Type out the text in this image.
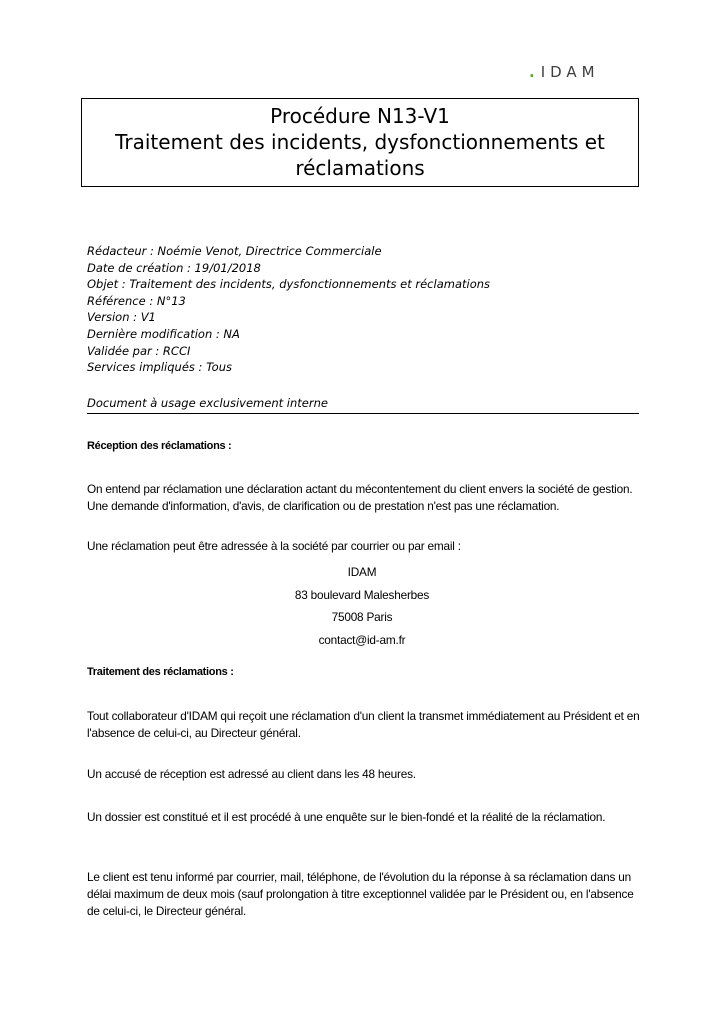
.IDAM
Procédure N13-V1
Traitement des incidents, dysfonctionnements et
réclamations
Rédacteur : Noémie Venot, Directrice Commerciale
Date de création : 19/01/2018
Objet : Traitement des incidents, dysfonctionnements et réclamations
Référence : N°13
Version : V1
Dernière modification : NA
Validée par : RCCI
Services impliqués : Tous
Document à usage exclusivement interne
Réception des réclamations :
On entend par réclamation une déclaration actant du mécontentement du client envers la société de gestion. Une demande d'information, d'avis, de clarification ou de prestation n'est pas une réclamation.
Une réclamation peut être adressée à la société par courrier ou par email :
IDAM
83 boulevard Malesherbes
75008 Paris
contact@id-am.fr
Traitement des réclamations :
Tout collaborateur d'IDAM qui reçoit une réclamation d'un client la transmet immédiatement au Président et en l'absence de celui-ci, au Directeur général.
Un accusé de réception est adressé au client dans les 48 heures.
Un dossier est constitué et il est procédé à une enquête sur le bien-fondé et la réalité de la réclamation.
Le client est tenu informé par courrier, mail, téléphone, de l'évolution du la réponse à sa réclamation dans un délai maximum de deux mois (sauf prolongation à titre exceptionnel validée par le Président ou, en l'absence de celui-ci, le Directeur général.
